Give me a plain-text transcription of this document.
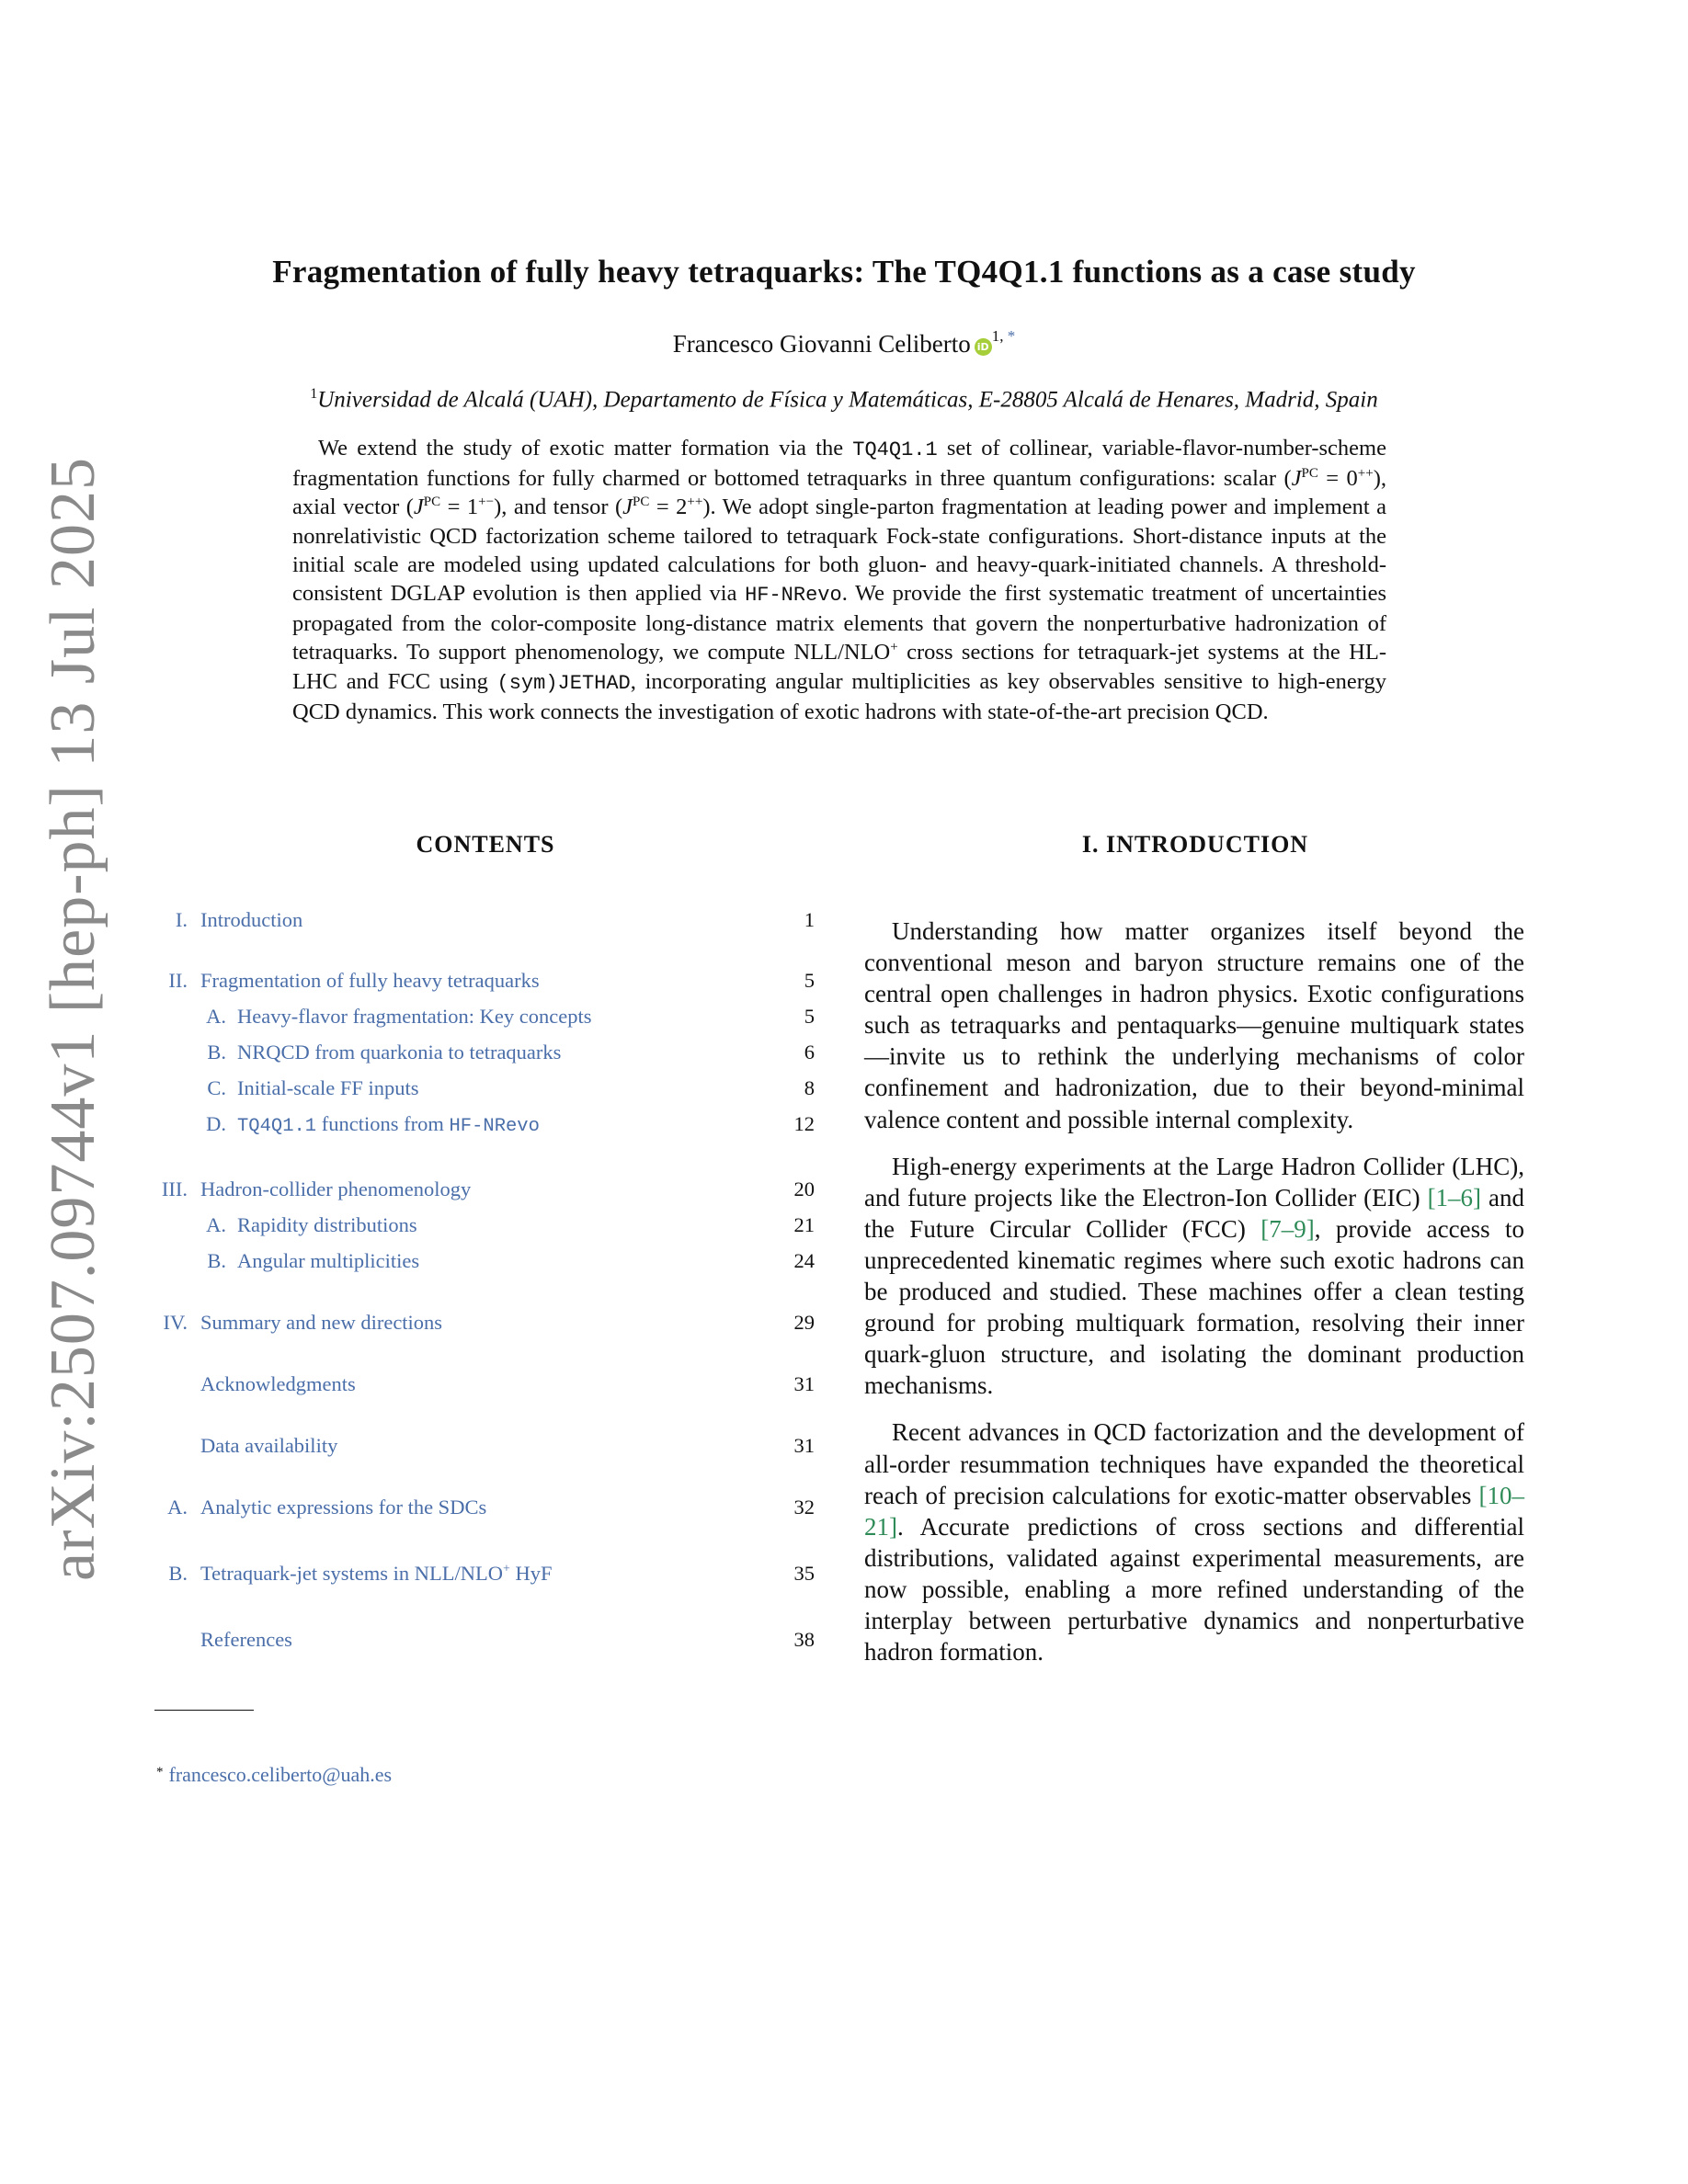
arXiv:2507.09744v1 [hep-ph] 13 Jul 2025
Fragmentation of fully heavy tetraquarks: The TQ4Q1.1 functions as a case study
Francesco Giovanni Celiberto iD$^{1, *}$
$^1$Universidad de Alcalá (UAH), Departamento de Física y Matemáticas, E-28805 Alcalá de Henares, Madrid, Spain
We extend the study of exotic matter formation via the TQ4Q1.1 set of collinear, variable-flavor-number-scheme fragmentation functions for fully charmed or bottomed tetraquarks in three quantum configurations: scalar $(J^{PC} = 0^{++})$, axial vector $(J^{PC} = 1^{+-})$, and tensor $(J^{PC} = 2^{++})$. We adopt single-parton fragmentation at leading power and implement a nonrelativistic QCD factorization scheme tailored to tetraquark Fock-state configurations. Short-distance inputs at the initial scale are modeled using updated calculations for both gluon- and heavy-quark-initiated channels. A threshold-consistent DGLAP evolution is then applied via HF-NRevo. We provide the first systematic treatment of uncertainties propagated from the color-composite long-distance matrix elements that govern the nonperturbative hadronization of tetraquarks. To support phenomenology, we compute NLL/NLO+ cross sections for tetraquark-jet systems at the HL-LHC and FCC using (sym)JETHAD, incorporating angular multiplicities as key observables sensitive to high-energy QCD dynamics. This work connects the investigation of exotic hadrons with state-of-the-art precision QCD.
CONTENTS
I. Introduction	1
II. Fragmentation of fully heavy tetraquarks	5
A. Heavy-flavor fragmentation: Key concepts	5
B. NRQCD from quarkonia to tetraquarks	6
C. Initial-scale FF inputs	8
D. TQ4Q1.1 functions from HF-NRevo	12
III. Hadron-collider phenomenology	20
A. Rapidity distributions	21
B. Angular multiplicities	24
IV. Summary and new directions	29
Acknowledgments	31
Data availability	31
A. Analytic expressions for the SDCs	32
B. Tetraquark-jet systems in NLL/NLO+ HyF	35
References	38
* francesco.celiberto@uah.es
I. INTRODUCTION

Understanding how matter organizes itself beyond the conventional meson and baryon structure remains one of the central open challenges in hadron physics. Exotic configurations such as tetraquarks and pentaquarks—genuine multiquark states—invite us to rethink the underlying mechanisms of color confinement and hadronization, due to their beyond-minimal valence content and possible internal complexity.

High-energy experiments at the Large Hadron Collider (LHC), and future projects like the Electron-Ion Collider (EIC) [1–6] and the Future Circular Collider (FCC) [7–9], provide access to unprecedented kinematic regimes where such exotic hadrons can be produced and studied. These machines offer a clean testing ground for probing multiquark formation, resolving their inner quark-gluon structure, and isolating the dominant production mechanisms.

Recent advances in QCD factorization and the development of all-order resummation techniques have expanded the theoretical reach of precision calculations for exotic-matter observables [10–21]. Accurate predictions of cross sections and differential distributions, validated against experimental measurements, are now possible, enabling a more refined understanding of the interplay between perturbative dynamics and nonperturbative hadron formation.
